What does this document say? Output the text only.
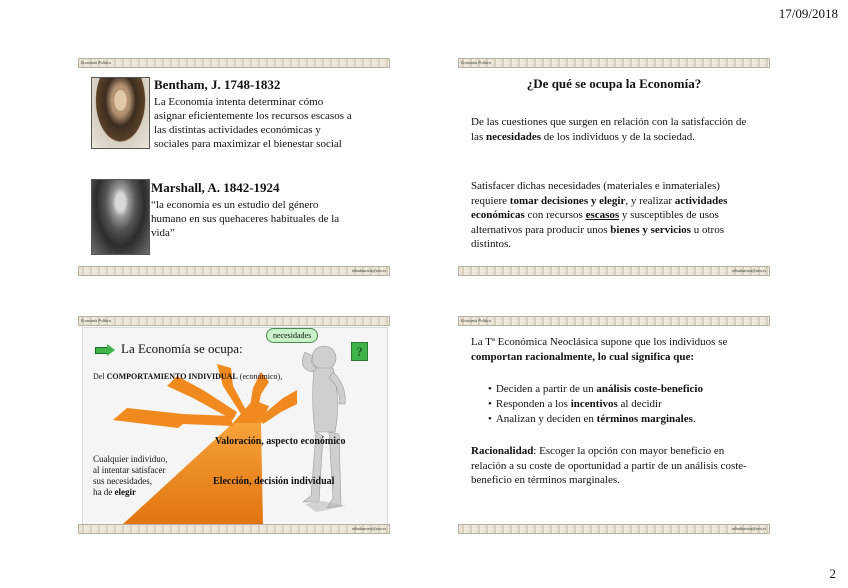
17/09/2018
2
Economía Política
Bentham, J. 1748-1832
La Economía intenta determinar cómo
asignar eficientemente los recursos escasos a
las distintas actividades económicas y
sociales para maximizar el bienestar social
Marshall, A. 1842-1924
“la economía es un estudio del género
humano en sus quehaceres habituales de la
vida”
mlindaaraos@uva.es
Economía Política
¿De qué se ocupa la Economía?
De las cuestiones que surgen en relación con la satisfacción de las necesidades de los individuos y de la sociedad.
Satisfacer dichas necesidades (materiales e inmateriales) requiere tomar decisiones y elegir, y realizar actividades económicas con recursos escasos y susceptibles de usos alternativos para producir unos bienes y servicios u otros distintos.
mlindaaraos@uva.es
Economía Política
necesidades
?
La Economía se ocupa:
Del COMPORTAMIENTO INDIVIDUAL (económico),
Valoración, aspecto económico
Elección, decisión individual
Cualquier individuo,
al intentar satisfacer
sus necesidades,
ha de elegir
mlindaaraos@uva.es
Economía Política
La Tª Económica Neoclásica supone que los individuos se comportan racionalmente, lo cual significa que:
• Deciden a partir de un análisis coste-beneficio
• Responden a los incentivos al decidir
• Analizan y deciden en términos marginales.
Racionalidad: Escoger la opción con mayor beneficio en relación a su coste de oportunidad a partir de un análisis coste-beneficio en términos marginales.
mlindaaraos@uva.es
